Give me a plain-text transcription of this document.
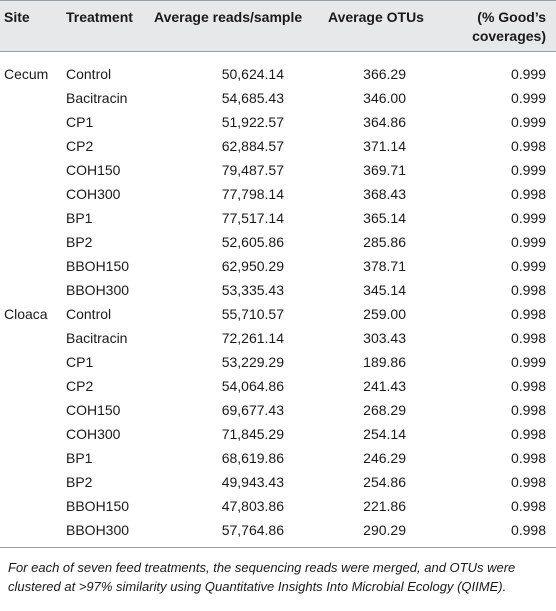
Site	Treatment	Average reads/sample	Average OTUs	(% Good’s coverages)
Cecum	Control	50,624.14	366.29	0.999
	Bacitracin	54,685.43	346.00	0.999
	CP1	51,922.57	364.86	0.999
	CP2	62,884.57	371.14	0.998
	COH150	79,487.57	369.71	0.999
	COH300	77,798.14	368.43	0.998
	BP1	77,517.14	365.14	0.999
	BP2	52,605.86	285.86	0.999
	BBOH150	62,950.29	378.71	0.999
	BBOH300	53,335.43	345.14	0.998
Cloaca	Control	55,710.57	259.00	0.998
	Bacitracin	72,261.14	303.43	0.998
	CP1	53,229.29	189.86	0.999
	CP2	54,064.86	241.43	0.998
	COH150	69,677.43	268.29	0.998
	COH300	71,845.29	254.14	0.998
	BP1	68,619.86	246.29	0.998
	BP2	49,943.43	254.86	0.998
	BBOH150	47,803.86	221.86	0.998
	BBOH300	57,764.86	290.29	0.998
For each of seven feed treatments, the sequencing reads were merged, and OTUs were clustered at >97% similarity using Quantitative Insights Into Microbial Ecology (QIIME).
